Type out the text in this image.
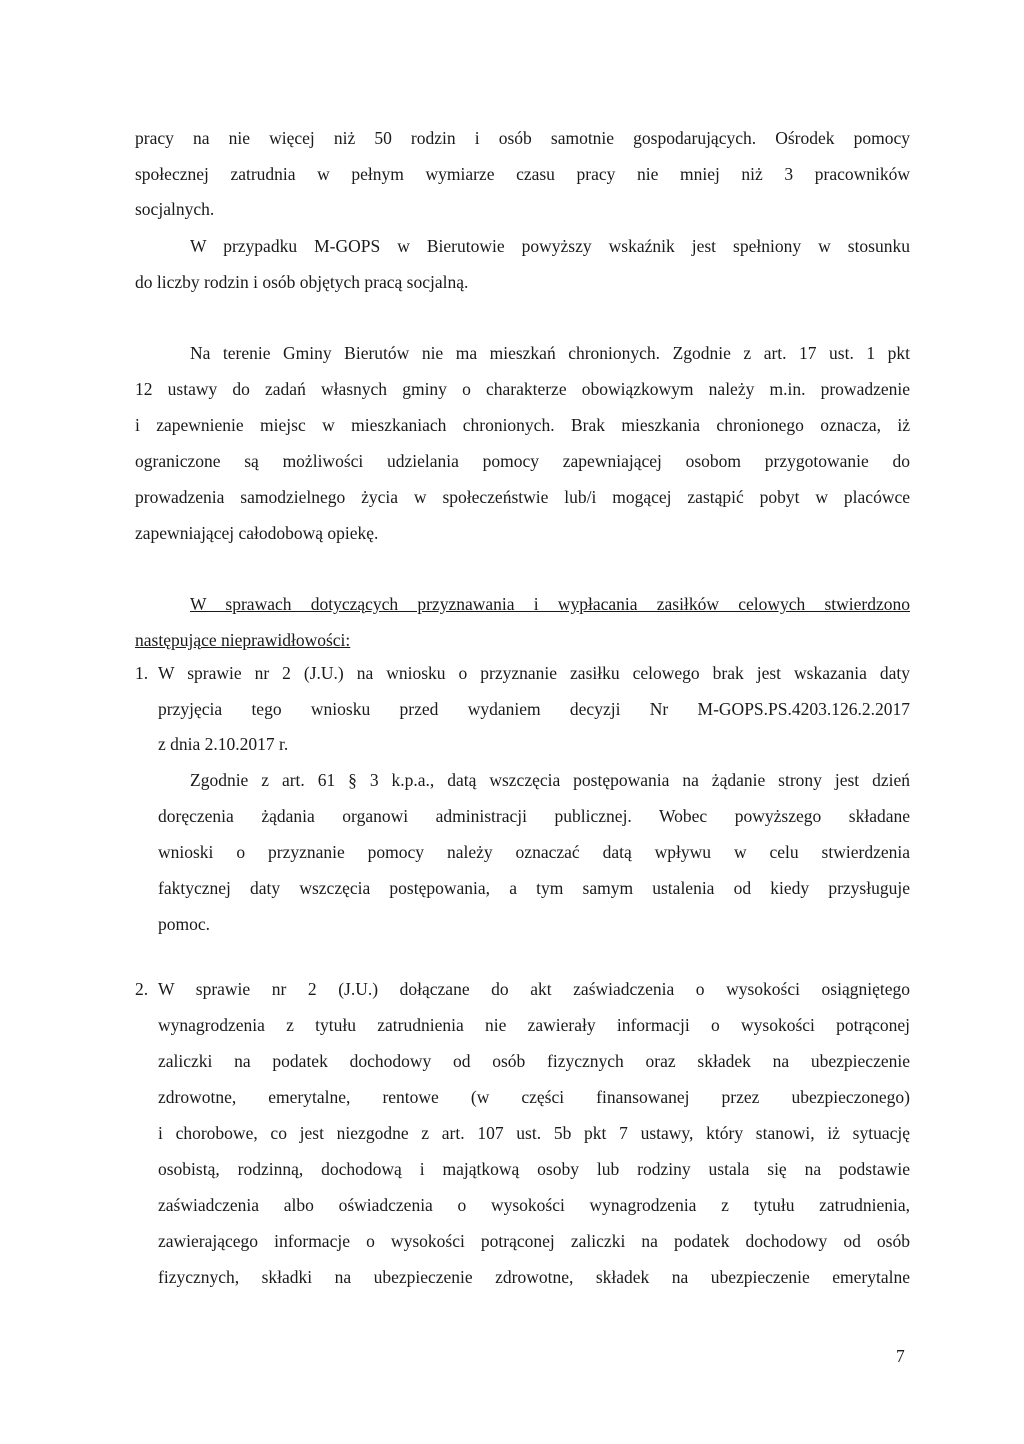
pracy na nie więcej niż 50 rodzin i osób samotnie gospodarujących. Ośrodek pomocy
społecznej zatrudnia w pełnym wymiarze czasu pracy nie mniej niż 3 pracowników
socjalnych.
W przypadku M-GOPS w Bierutowie powyższy wskaźnik jest spełniony w stosunku
do liczby rodzin i osób objętych pracą socjalną.
Na terenie Gminy Bierutów nie ma mieszkań chronionych. Zgodnie z art. 17 ust. 1 pkt
12 ustawy do zadań własnych gminy o charakterze obowiązkowym należy m.in. prowadzenie
i zapewnienie miejsc w mieszkaniach chronionych. Brak mieszkania chronionego oznacza, iż
ograniczone są możliwości udzielania pomocy zapewniającej osobom przygotowanie do
prowadzenia samodzielnego życia w społeczeństwie lub/i mogącej zastąpić pobyt w placówce
zapewniającej całodobową opiekę.
W sprawach dotyczących przyznawania i wypłacania zasiłków celowych stwierdzono
następujące nieprawidłowości:
1. W sprawie nr 2 (J.U.) na wniosku o przyznanie zasiłku celowego brak jest wskazania daty
przyjęcia tego wniosku przed wydaniem decyzji Nr M-GOPS.PS.4203.126.2.2017
z dnia 2.10.2017 r.
Zgodnie z art. 61 § 3 k.p.a., datą wszczęcia postępowania na żądanie strony jest dzień
doręczenia żądania organowi administracji publicznej. Wobec powyższego składane
wnioski o przyznanie pomocy należy oznaczać datą wpływu w celu stwierdzenia
faktycznej daty wszczęcia postępowania, a tym samym ustalenia od kiedy przysługuje
pomoc.
2. W sprawie nr 2 (J.U.) dołączane do akt zaświadczenia o wysokości osiągniętego
wynagrodzenia z tytułu zatrudnienia nie zawierały informacji o wysokości potrąconej
zaliczki na podatek dochodowy od osób fizycznych oraz składek na ubezpieczenie
zdrowotne, emerytalne, rentowe (w części finansowanej przez ubezpieczonego)
i chorobowe, co jest niezgodne z art. 107 ust. 5b pkt 7 ustawy, który stanowi, iż sytuację
osobistą, rodzinną, dochodową i majątkową osoby lub rodziny ustala się na podstawie
zaświadczenia albo oświadczenia o wysokości wynagrodzenia z tytułu zatrudnienia,
zawierającego informacje o wysokości potrąconej zaliczki na podatek dochodowy od osób
fizycznych, składki na ubezpieczenie zdrowotne, składek na ubezpieczenie emerytalne
7
